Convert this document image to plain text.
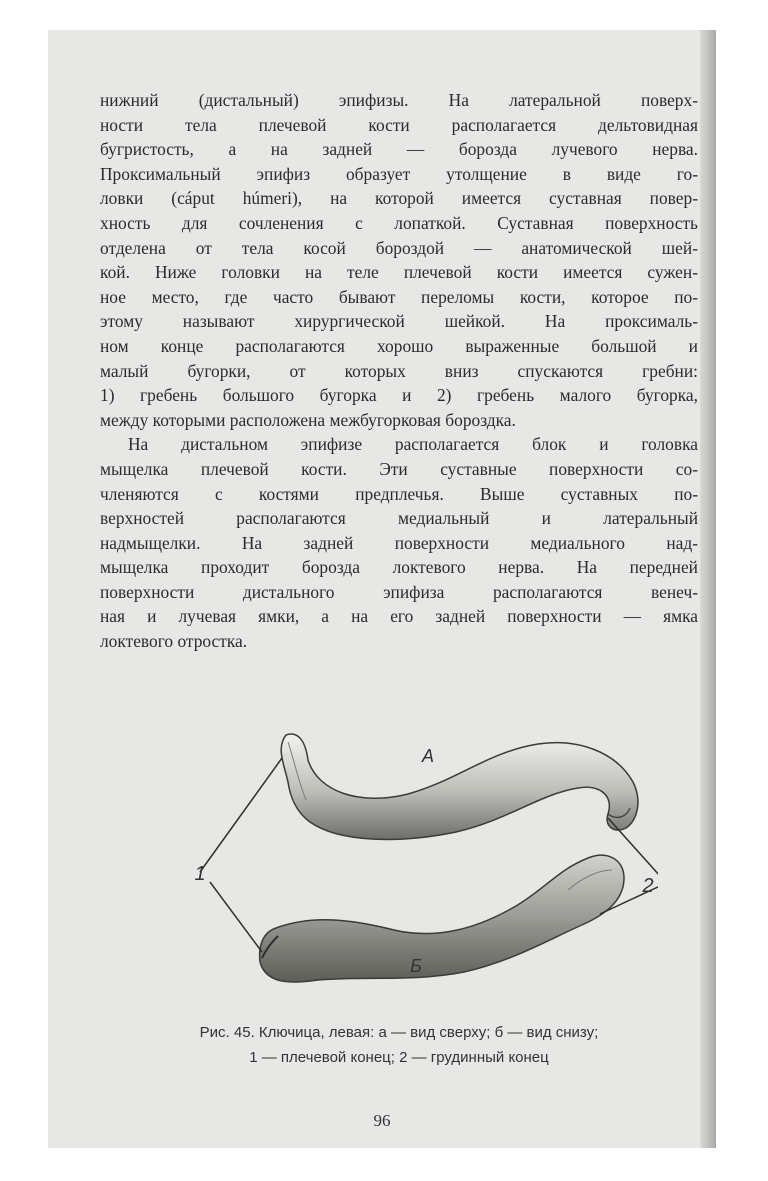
нижний (дистальный) эпифизы. На латеральной поверх-
ности тела плечевой кости располагается дельтовидная
бугристость, а на задней — борозда лучевого нерва.
Проксимальный эпифиз образует утолщение в виде го-
ловки (cáput húmeri), на которой имеется суставная повер-
хность для сочленения с лопаткой. Суставная поверхность
отделена от тела косой бороздой — анатомической шей-
кой. Ниже головки на теле плечевой кости имеется сужен-
ное место, где часто бывают переломы кости, которое по-
этому называют хирургической шейкой. На проксималь-
ном конце располагаются хорошо выраженные большой и
малый бугорки, от которых вниз спускаются гребни:
1) гребень большого бугорка и 2) гребень малого бугорка,
между которыми расположена межбугорковая бороздка.
На дистальном эпифизе располагается блок и головка
мыщелка плечевой кости. Эти суставные поверхности со-
членяются с костями предплечья. Выше суставных по-
верхностей располагаются медиальный и латеральный
надмыщелки. На задней поверхности медиального над-
мыщелка проходит борозда локтевого нерва. На передней
поверхности дистального эпифиза располагаются венеч-
ная и лучевая ямки, а на его задней поверхности — ямка
локтевого отростка.
А
Б
1
2
Рис. 45. Ключица, левая: а — вид сверху; б — вид снизу;
1 — плечевой конец; 2 — грудинный конец
96
